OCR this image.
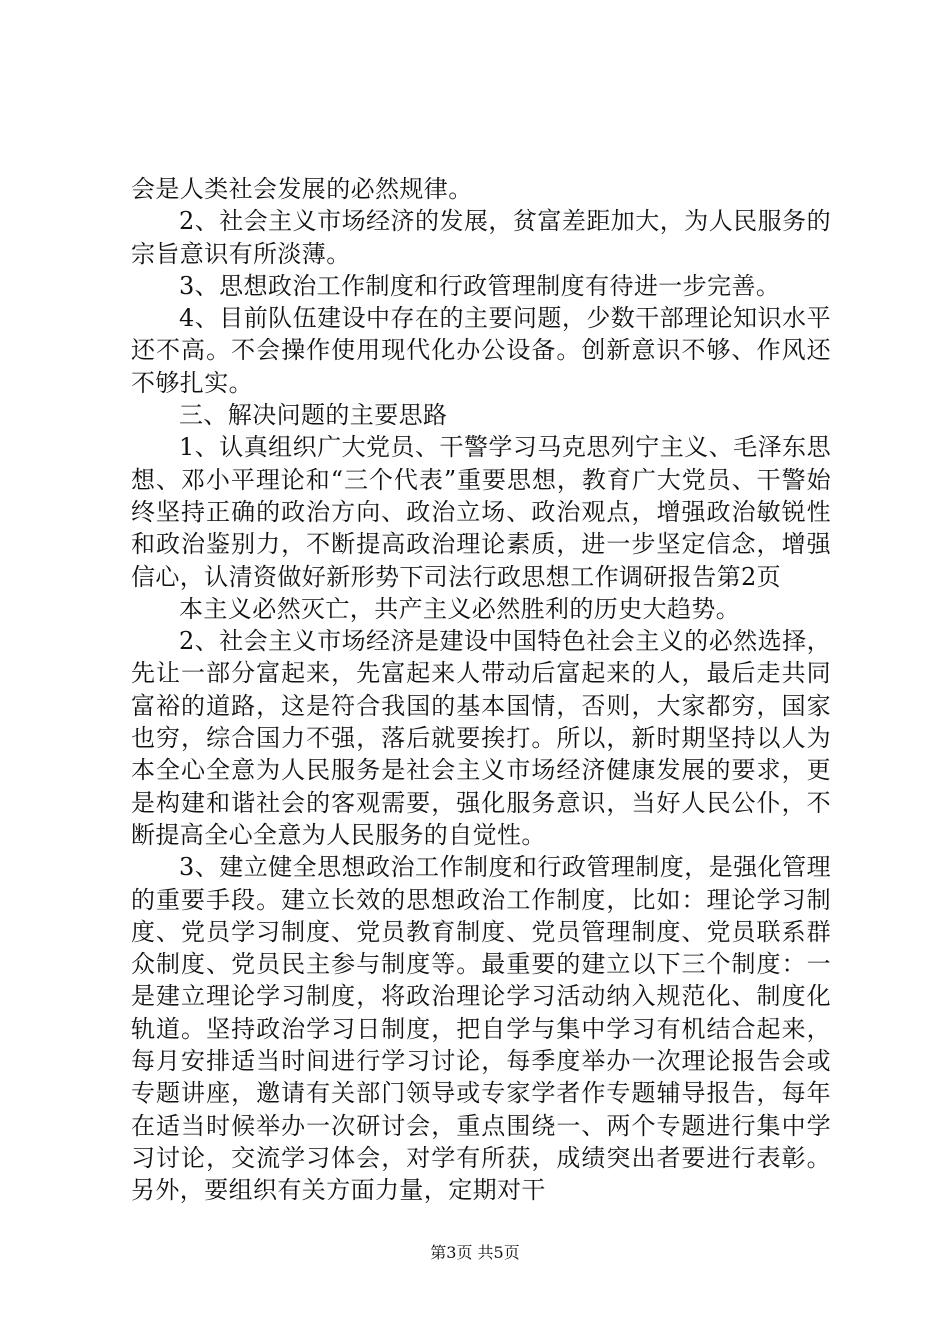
会是人类社会发展的必然规律。

2、社会主义市场经济的发展，贫富差距加大，为人民服务的宗旨意识有所淡薄。

3、思想政治工作制度和行政管理制度有待进一步完善。

4、目前队伍建设中存在的主要问题，少数干部理论知识水平还不高。不会操作使用现代化办公设备。创新意识不够、作风还不够扎实。

三、解决问题的主要思路

1、认真组织广大党员、干警学习马克思列宁主义、毛泽东思想、邓小平理论和“三个代表”重要思想，教育广大党员、干警始终坚持正确的政治方向、政治立场、政治观点，增强政治敏锐性和政治鉴别力，不断提高政治理论素质，进一步坚定信念，增强信心，认清资做好新形势下司法行政思想工作调研报告第2页

本主义必然灭亡，共产主义必然胜利的历史大趋势。

2、社会主义市场经济是建设中国特色社会主义的必然选择，先让一部分富起来，先富起来人带动后富起来的人，最后走共同富裕的道路，这是符合我国的基本国情，否则，大家都穷，国家也穷，综合国力不强，落后就要挨打。所以，新时期坚持以人为本全心全意为人民服务是社会主义市场经济健康发展的要求，更是构建和谐社会的客观需要，强化服务意识，当好人民公仆，不断提高全心全意为人民服务的自觉性。

3、建立健全思想政治工作制度和行政管理制度，是强化管理的重要手段。建立长效的思想政治工作制度，比如：理论学习制度、党员学习制度、党员教育制度、党员管理制度、党员联系群众制度、党员民主参与制度等。最重要的建立以下三个制度：一是建立理论学习制度，将政治理论学习活动纳入规范化、制度化轨道。坚持政治学习日制度，把自学与集中学习有机结合起来，每月安排适当时间进行学习讨论，每季度举办一次理论报告会或专题讲座，邀请有关部门领导或专家学者作专题辅导报告，每年在适当时候举办一次研讨会，重点围绕一、两个专题进行集中学习讨论，交流学习体会，对学有所获，成绩突出者要进行表彰。另外，要组织有关方面力量，定期对干

第3页 共5页
